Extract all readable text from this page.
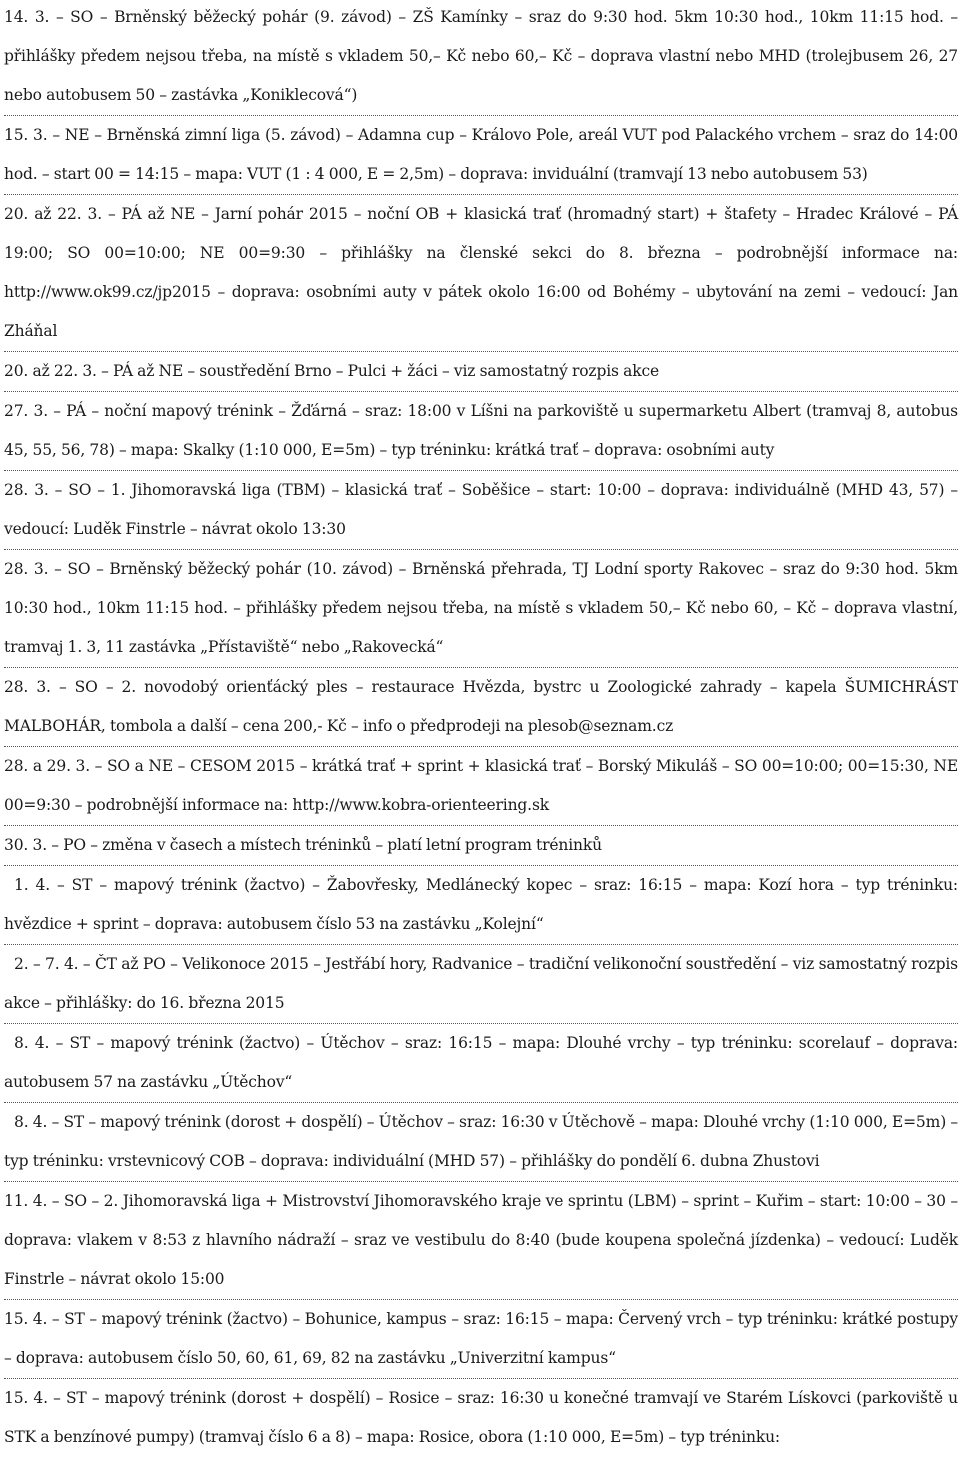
14. 3. – SO – Brněnský běžecký pohár (9. závod) – ZŠ Kamínky – sraz do 9:30 hod. 5km 10:30 hod., 10km 11:15 hod. – přihlášky předem nejsou třeba, na místě s vkladem 50,– Kč nebo 60,– Kč – doprava vlastní nebo MHD (trolejbusem 26, 27 nebo autobusem 50 – zastávka „Koniklecová“)
15. 3. – NE – Brněnská zimní liga (5. závod) – Adamna cup – Královo Pole, areál VUT pod Palackého vrchem – sraz do 14:00 hod. – start 00 = 14:15 – mapa: VUT (1 : 4 000, E = 2,5m) – doprava: inviduální (tramvají 13 nebo autobusem 53)
20. až 22. 3. – PÁ až NE – Jarní pohár 2015 – noční OB + klasická trať (hromadný start) + štafety – Hradec Králové – PÁ 19:00; SO 00=10:00; NE 00=9:30 – přihlášky na členské sekci do 8. března – podrobnější informace na: http://www.ok99.cz/jp2015 – doprava: osobními auty v pátek okolo 16:00 od Bohémy – ubytování na zemi – vedoucí: Jan Zháňal
20. až 22. 3. – PÁ až NE – soustředění Brno – Pulci + žáci – viz samostatný rozpis akce
27. 3. – PÁ – noční mapový trénink – Žďárná – sraz: 18:00 v Líšni na parkoviště u supermarketu Albert (tramvaj 8, autobus 45, 55, 56, 78) – mapa: Skalky (1:10 000, E=5m) – typ tréninku: krátká trať – doprava: osobními auty
28. 3. – SO – 1. Jihomoravská liga (TBM) – klasická trať – Soběšice – start: 10:00 – doprava: individuálně (MHD 43, 57) – vedoucí: Luděk Finstrle – návrat okolo 13:30
28. 3. – SO – Brněnský běžecký pohár (10. závod) – Brněnská přehrada, TJ Lodní sporty Rakovec – sraz do 9:30 hod. 5km 10:30 hod., 10km 11:15 hod. – přihlášky předem nejsou třeba, na místě s vkladem 50,– Kč nebo 60, – Kč – doprava vlastní, tramvaj 1. 3, 11 zastávka „Přístaviště“ nebo „Rakovecká“
28. 3. – SO – 2. novodobý orienťácký ples – restaurace Hvězda, bystrc u Zoologické zahrady – kapela ŠUMICHRÁST MALBOHÁR, tombola a další – cena 200,- Kč – info o předprodeji na plesob@seznam.cz
28. a 29. 3. – SO a NE – CESOM 2015 – krátká trať + sprint + klasická trať – Borský Mikuláš – SO 00=10:00; 00=15:30, NE 00=9:30 – podrobnější informace na: http://www.kobra-orienteering.sk
30. 3. – PO – změna v časech a místech tréninků – platí letní program tréninků
1. 4. – ST – mapový trénink (žactvo) – Žabovřesky, Medlánecký kopec – sraz: 16:15 – mapa: Kozí hora – typ tréninku: hvězdice + sprint – doprava: autobusem číslo 53 na zastávku „Kolejní“
2. – 7. 4. – ČT až PO – Velikonoce 2015 – Jestřábí hory, Radvanice – tradiční velikonoční soustředění – viz samostatný rozpis akce – přihlášky: do 16. března 2015
8. 4. – ST – mapový trénink (žactvo) – Útěchov – sraz: 16:15 – mapa: Dlouhé vrchy – typ tréninku: scorelauf – doprava: autobusem 57 na zastávku „Útěchov“
8. 4. – ST – mapový trénink (dorost + dospělí) – Útěchov – sraz: 16:30 v Útěchově – mapa: Dlouhé vrchy (1:10 000, E=5m) – typ tréninku: vrstevnicový COB – doprava: individuální (MHD 57) – přihlášky do pondělí 6. dubna Zhustovi
11. 4. – SO – 2. Jihomoravská liga + Mistrovství Jihomoravského kraje ve sprintu (LBM) – sprint – Kuřim – start: 10:00 – 30 – doprava: vlakem v 8:53 z hlavního nádraží – sraz ve vestibulu do 8:40 (bude koupena společná jízdenka) – vedoucí: Luděk Finstrle – návrat okolo 15:00
15. 4. – ST – mapový trénink (žactvo) – Bohunice, kampus – sraz: 16:15 – mapa: Červený vrch – typ tréninku: krátké postupy – doprava: autobusem číslo 50, 60, 61, 69, 82 na zastávku „Univerzitní kampus“
15. 4. – ST – mapový trénink (dorost + dospělí) – Rosice – sraz: 16:30 u konečné tramvají ve Starém Lískovci (parkoviště u STK a benzínové pumpy) (tramvaj číslo 6 a 8) – mapa: Rosice, obora (1:10 000, E=5m) – typ tréninku:
